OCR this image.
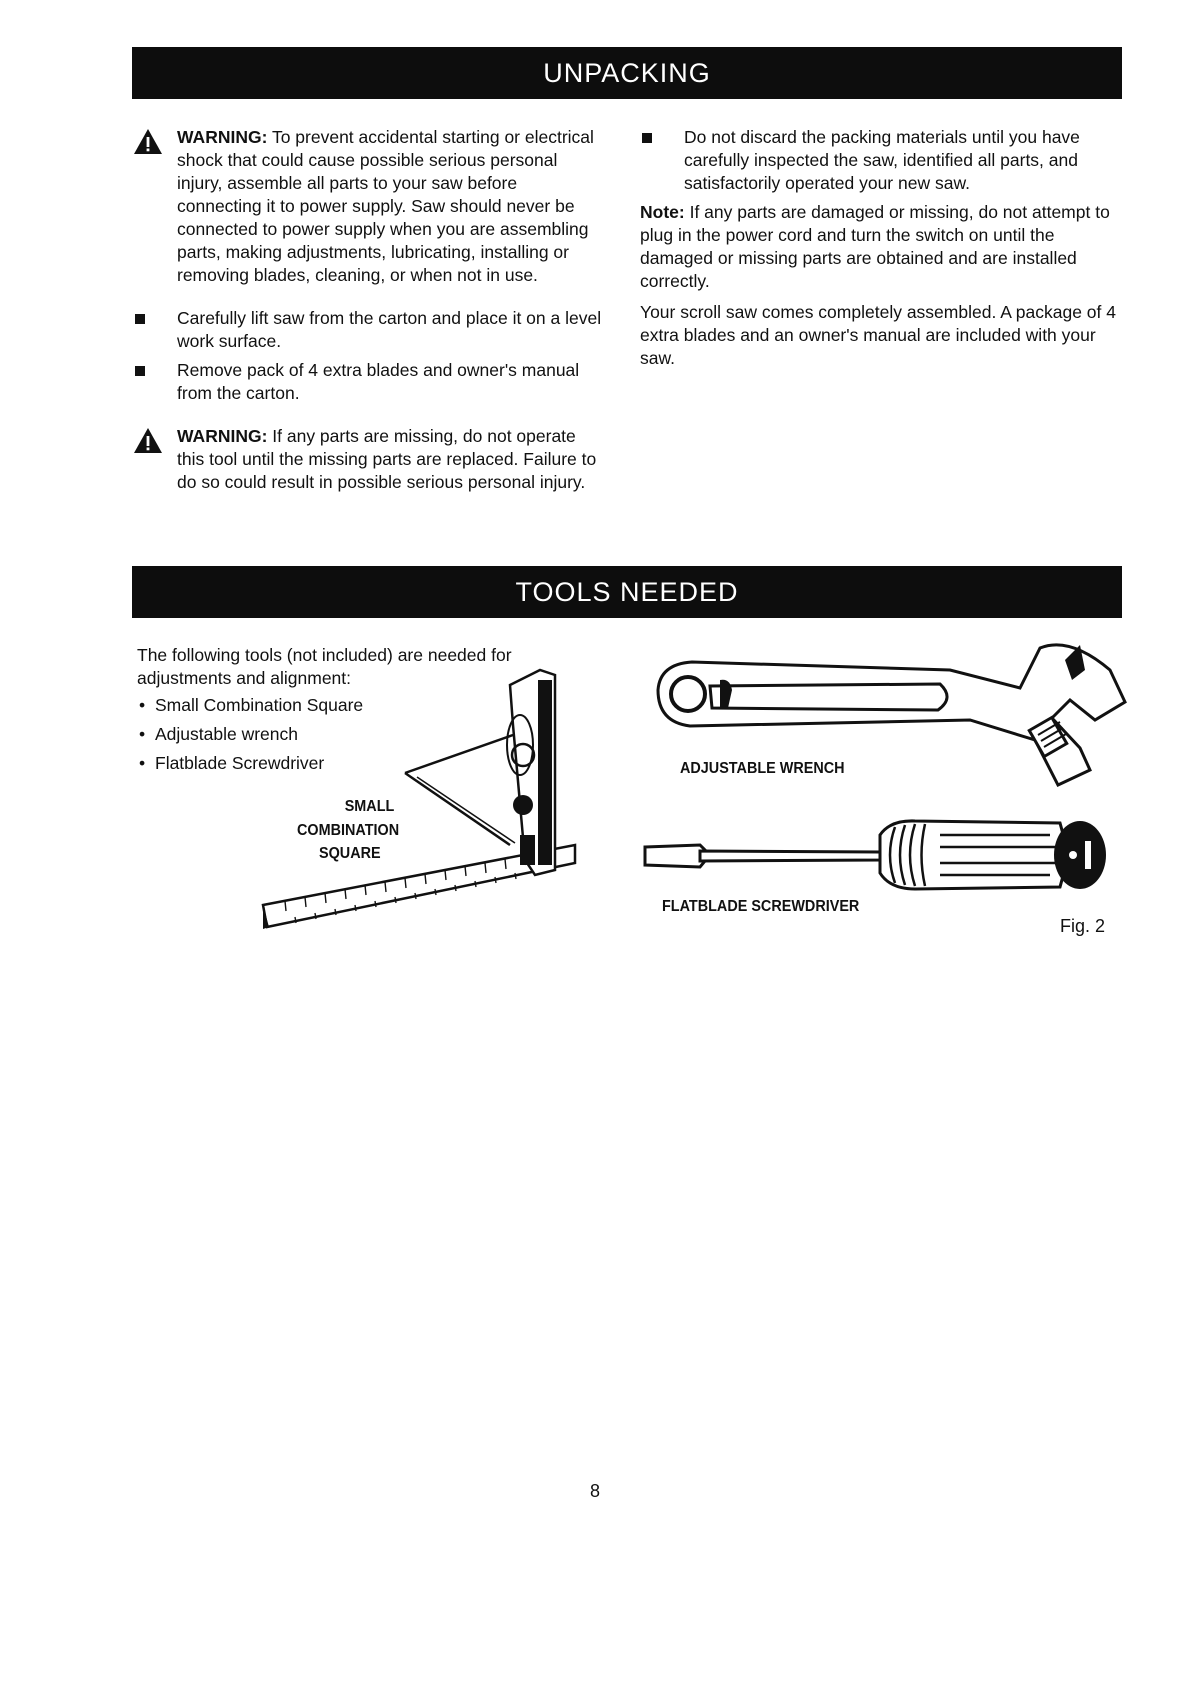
UNPACKING

WARNING: To prevent accidental starting or electrical shock that could cause possible serious personal injury, assemble all parts to your saw before connecting it to power supply. Saw should never be connected to power supply when you are assembling parts, making adjustments, lubricating, installing or removing blades, cleaning, or when not in use.

Carefully lift saw from the carton and place it on a level work surface.

Remove pack of 4 extra blades and owner's manual from the carton.

WARNING: If any parts are missing, do not operate this tool until the missing parts are replaced. Failure to do so could result in possible serious personal injury.

Do not discard the packing materials until you have carefully inspected the saw, identified all parts, and satisfactorily operated your new saw.

Note: If any parts are damaged or missing, do not attempt to plug in the power cord and turn the switch on until the damaged or missing parts are obtained and are installed correctly.

Your scroll saw comes completely assembled. A package of 4 extra blades and an owner's manual are included with your saw.

TOOLS NEEDED

The following tools (not included) are needed for adjustments and alignment:

• Small Combination Square
• Adjustable wrench
• Flatblade Screwdriver
SMALL
COMBINATION
SQUARE
ADJUSTABLE WRENCH
FLATBLADE SCREWDRIVER
Fig. 2
8
